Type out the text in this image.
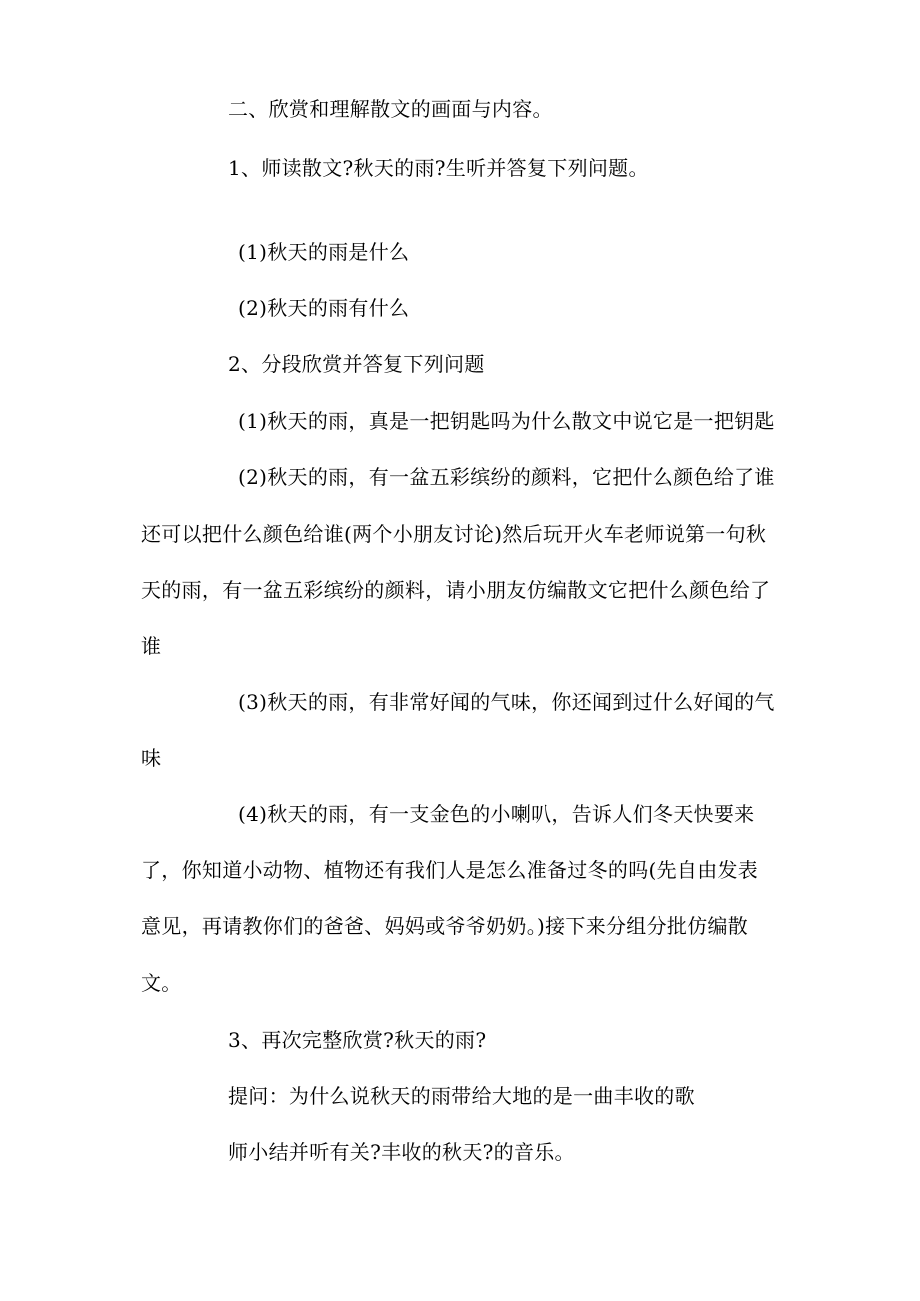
二、欣赏和理解散文的画面与内容。
1、师读散文?秋天的雨?生听并答复下列问题。
(1)秋天的雨是什么
(2)秋天的雨有什么
2、分段欣赏并答复下列问题
(1)秋天的雨，真是一把钥匙吗为什么散文中说它是一把钥匙
(2)秋天的雨，有一盆五彩缤纷的颜料，它把什么颜色给了谁
还可以把什么颜色给谁(两个小朋友讨论)然后玩开火车老师说第一句秋
天的雨，有一盆五彩缤纷的颜料，请小朋友仿编散文它把什么颜色给了
谁
(3)秋天的雨，有非常好闻的气味，你还闻到过什么好闻的气
味
(4)秋天的雨，有一支金色的小喇叭，告诉人们冬天快要来
了，你知道小动物、植物还有我们人是怎么准备过冬的吗(先自由发表
意见，再请教你们的爸爸、妈妈或爷爷奶奶。)接下来分组分批仿编散
文。
3、再次完整欣赏?秋天的雨?
提问：为什么说秋天的雨带给大地的是一曲丰收的歌
师小结并听有关?丰收的秋天?的音乐。
